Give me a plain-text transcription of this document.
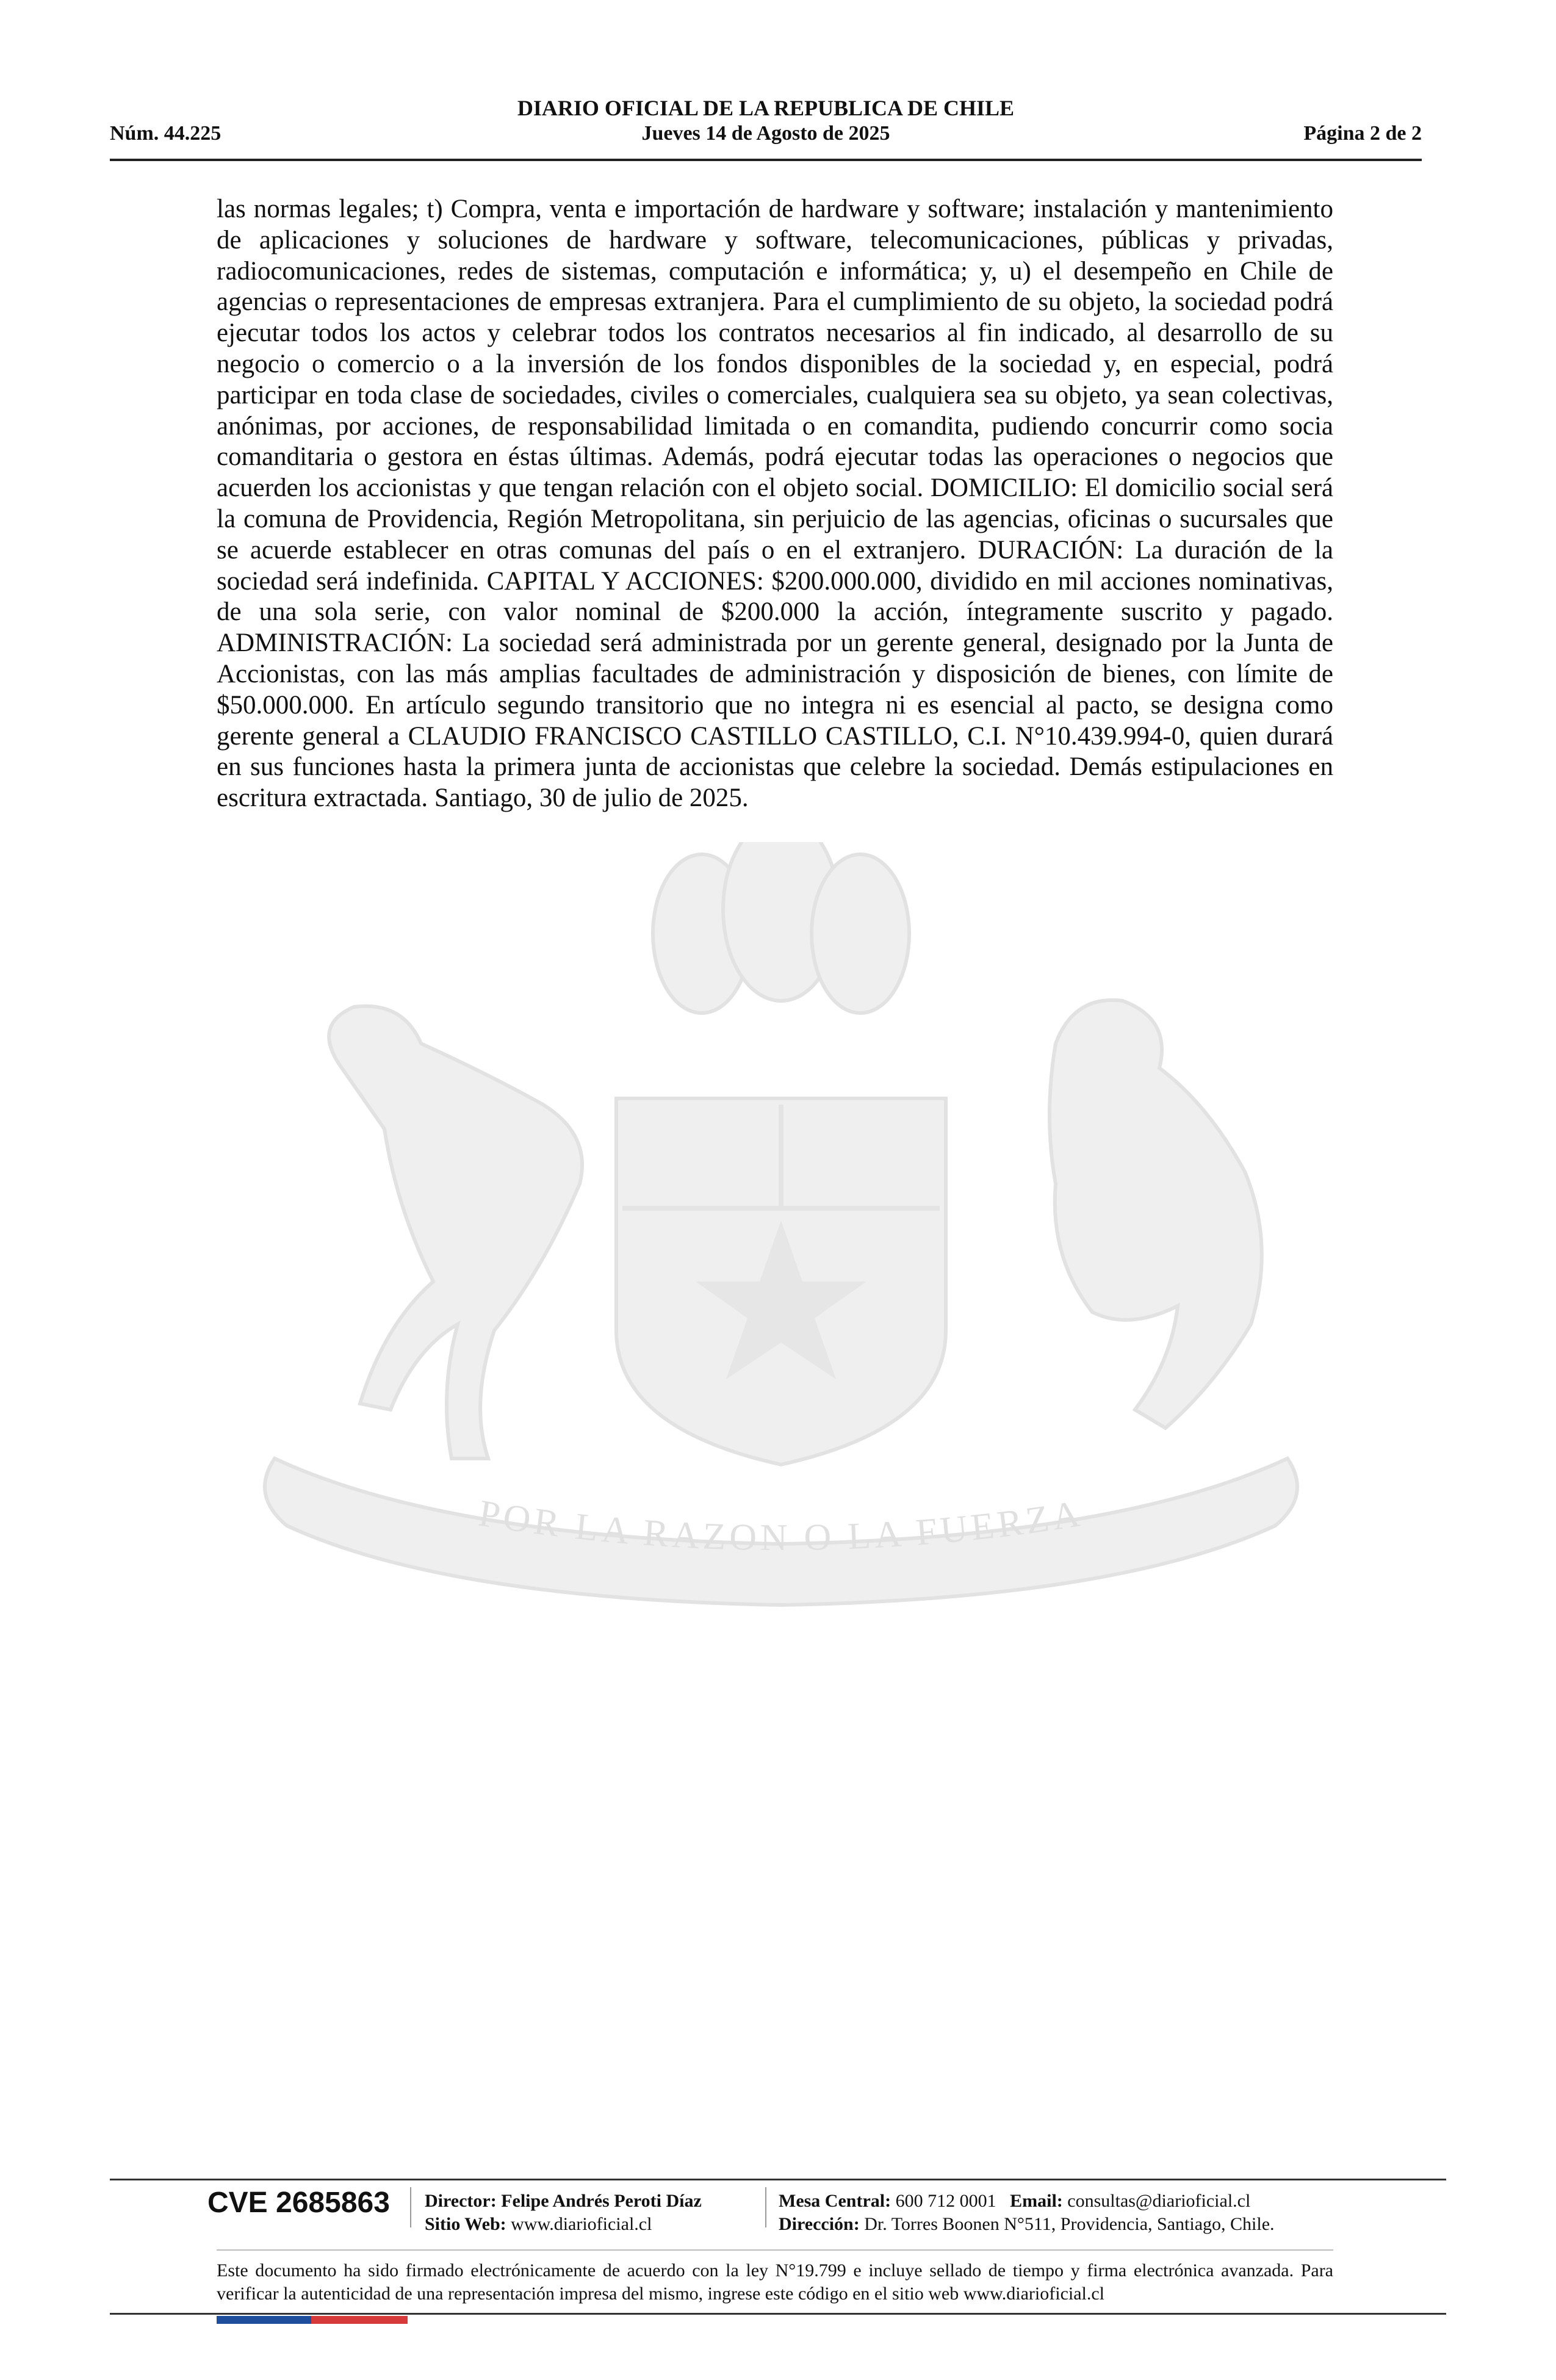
DIARIO OFICIAL DE LA REPUBLICA DE CHILE
Núm. 44.225	Jueves 14 de Agosto de 2025	Página 2 de 2
POR LA RAZON O LA FUERZA
las normas legales; t) Compra, venta e importación de hardware y software; instalación y mantenimiento de aplicaciones y soluciones de hardware y software, telecomunicaciones, públicas y privadas, radiocomunicaciones, redes de sistemas, computación e informática; y, u) el desempeño en Chile de agencias o representaciones de empresas extranjera. Para el cumplimiento de su objeto, la sociedad podrá ejecutar todos los actos y celebrar todos los contratos necesarios al fin indicado, al desarrollo de su negocio o comercio o a la inversión de los fondos disponibles de la sociedad y, en especial, podrá participar en toda clase de sociedades, civiles o comerciales, cualquiera sea su objeto, ya sean colectivas, anónimas, por acciones, de responsabilidad limitada o en comandita, pudiendo concurrir como socia comanditaria o gestora en éstas últimas. Además, podrá ejecutar todas las operaciones o negocios que acuerden los accionistas y que tengan relación con el objeto social. DOMICILIO: El domicilio social será la comuna de Providencia, Región Metropolitana, sin perjuicio de las agencias, oficinas o sucursales que se acuerde establecer en otras comunas del país o en el extranjero. DURACIÓN: La duración de la sociedad será indefinida. CAPITAL Y ACCIONES: $200.000.000, dividido en mil acciones nominativas, de una sola serie, con valor nominal de $200.000 la acción, íntegramente suscrito y pagado. ADMINISTRACIÓN: La sociedad será administrada por un gerente general, designado por la Junta de Accionistas, con las más amplias facultades de administración y disposición de bienes, con límite de $50.000.000. En artículo segundo transitorio que no integra ni es esencial al pacto, se designa como gerente general a CLAUDIO FRANCISCO CASTILLO CASTILLO, C.I. N°10.439.994-0, quien durará en sus funciones hasta la primera junta de accionistas que celebre la sociedad. Demás estipulaciones en escritura extractada. Santiago, 30 de julio de 2025.
CVE 2685863 Director: Felipe Andrés Peroti Díaz
Sitio Web: www.diarioficial.cl
Mesa Central: 600 712 0001 Email: consultas@diarioficial.cl
Dirección: Dr. Torres Boonen N°511, Providencia, Santiago, Chile.
Este documento ha sido firmado electrónicamente de acuerdo con la ley N°19.799 e incluye sellado de tiempo y firma electrónica avanzada. Para verificar la autenticidad de una representación impresa del mismo, ingrese este código en el sitio web www.diarioficial.cl
